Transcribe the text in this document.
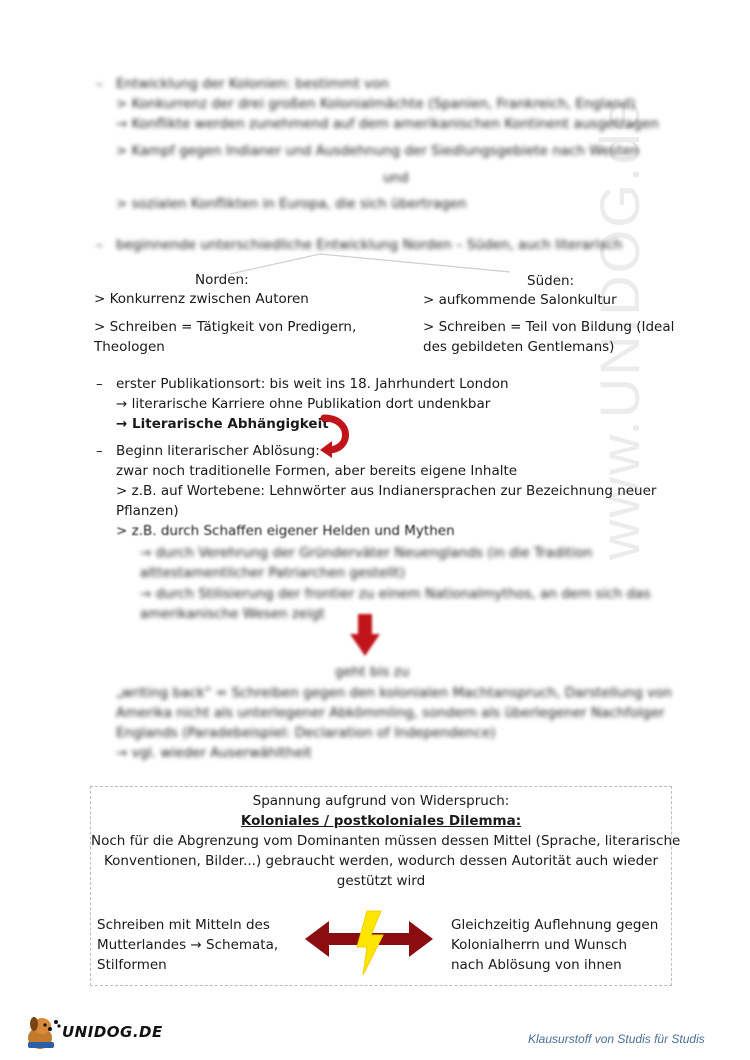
www.UNIDOG.de
– Entwicklung der Kolonien: bestimmt von
> Konkurrenz der drei großen Kolonialmächte (Spanien, Frankreich, England)
→ Konflikte werden zunehmend auf dem amerikanischen Kontinent ausgetragen
> Kampf gegen Indianer und Ausdehnung der Siedlungsgebiete nach Westen
und
> sozialen Konflikten in Europa, die sich übertragen
– beginnende unterschiedliche Entwicklung Norden – Süden, auch literarisch
Norden:
> Konkurrenz zwischen Autoren
> Schreiben = Tätigkeit von Predigern,
Theologen
Süden:
> aufkommende Salonkultur
> Schreiben = Teil von Bildung (Ideal
des gebildeten Gentlemans)
– erster Publikationsort: bis weit ins 18. Jahrhundert London
→ literarische Karriere ohne Publikation dort undenkbar
→ Literarische Abhängigkeit
– Beginn literarischer Ablösung:
zwar noch traditionelle Formen, aber bereits eigene Inhalte
> z.B. auf Wortebene: Lehnwörter aus Indianersprachen zur Bezeichnung neuer
Pflanzen)
> z.B. durch Schaffen eigener Helden und Mythen
→ durch Verehrung der Gründerväter Neuenglands (in die Tradition
alttestamentlicher Patriarchen gestellt)
→ durch Stilisierung der frontier zu einem Nationalmythos, an dem sich das
amerikanische Wesen zeigt
geht bis zu
„writing back“ = Schreiben gegen den kolonialen Machtanspruch, Darstellung von
Amerika nicht als unterlegener Abkömmling, sondern als überlegener Nachfolger
Englands (Paradebeispiel: Declaration of Independence)
→ vgl. wieder Auserwähltheit
Spannung aufgrund von Widerspruch:
Koloniales / postkoloniales Dilemma:
Noch für die Abgrenzung vom Dominanten müssen dessen Mittel (Sprache, literarische
Konventionen, Bilder...) gebraucht werden, wodurch dessen Autorität auch wieder
gestützt wird
Schreiben mit Mitteln des
Mutterlandes → Schemata,
Stilformen
Gleichzeitig Auflehnung gegen
Kolonialherrn und Wunsch
nach Ablösung von ihnen
UNIDOG.DE	Klausurstoff von Studis für Studis
